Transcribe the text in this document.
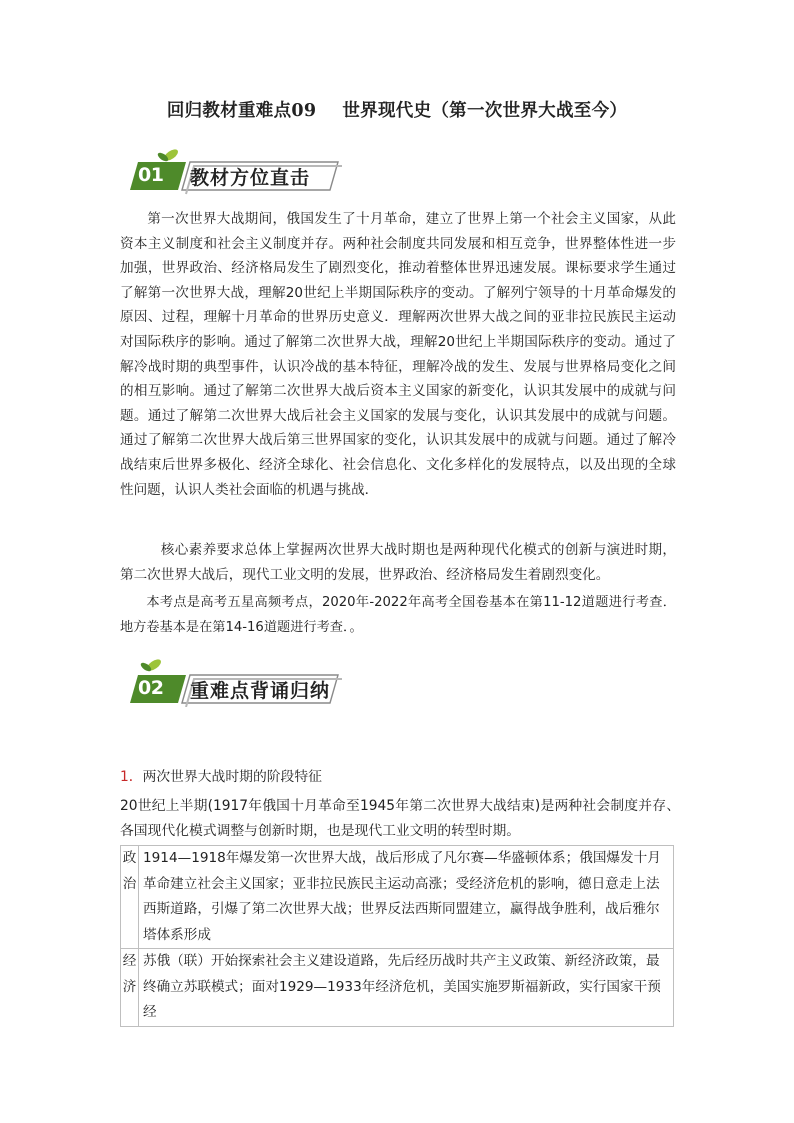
回归教材重难点09 世界现代史（第一次世界大战至今）
01	教材方位直击

第一次世界大战期间，俄国发生了十月革命，建立了世界上第一个社会主义国家，从此资本主义制度和社会主义制度并存。两种社会制度共同发展和相互竞争，世界整体性进一步加强，世界政治、经济格局发生了剧烈变化，推动着整体世界迅速发展。课标要求学生通过了解第一次世界大战，理解20世纪上半期国际秩序的变动。了解列宁领导的十月革命爆发的原因、过程，理解十月革命的世界历史意义．理解两次世界大战之间的亚非拉民族民主运动对国际秩序的影响。通过了解第二次世界大战，理解20世纪上半期国际秩序的变动。通过了解冷战时期的典型事件，认识冷战的基本特征，理解冷战的发生、发展与世界格局变化之间的相互影响。通过了解第二次世界大战后资本主义国家的新变化，认识其发展中的成就与问题。通过了解第二次世界大战后社会主义国家的发展与变化，认识其发展中的成就与问题。通过了解第二次世界大战后第三世界国家的变化，认识其发展中的成就与问题。通过了解冷战结束后世界多极化、经济全球化、社会信息化、文化多样化的发展特点，以及出现的全球性问题，认识人类社会面临的机遇与挑战．

核心素养要求总体上掌握两次世界大战时期也是两种现代化模式的创新与演进时期，第二次世界大战后，现代工业文明的发展，世界政治、经济格局发生着剧烈变化。

本考点是高考五星高频考点，2020年-2022年高考全国卷基本在第11-12道题进行考查．地方卷基本是在第14-16道题进行考查．。

02	重难点背诵归纳
1．两次世界大战时期的阶段特征

20世纪上半期(1917年俄国十月革命至1945年第二次世界大战结束)是两种社会制度并存、各国现代化模式调整与创新时期，也是现代工业文明的转型时期。

政治	1914—1918年爆发第一次世界大战，战后形成了凡尔赛—华盛顿体系；俄国爆发十月革命建立社会主义国家；亚非拉民族民主运动高涨；受经济危机的影响，德日意走上法西斯道路，引爆了第二次世界大战；世界反法西斯同盟建立，赢得战争胜利，战后雅尔塔体系形成
经济	苏俄（联）开始探索社会主义建设道路，先后经历战时共产主义政策、新经济政策，最终确立苏联模式；面对1929—1933年经济危机，美国实施罗斯福新政，实行国家干预经
